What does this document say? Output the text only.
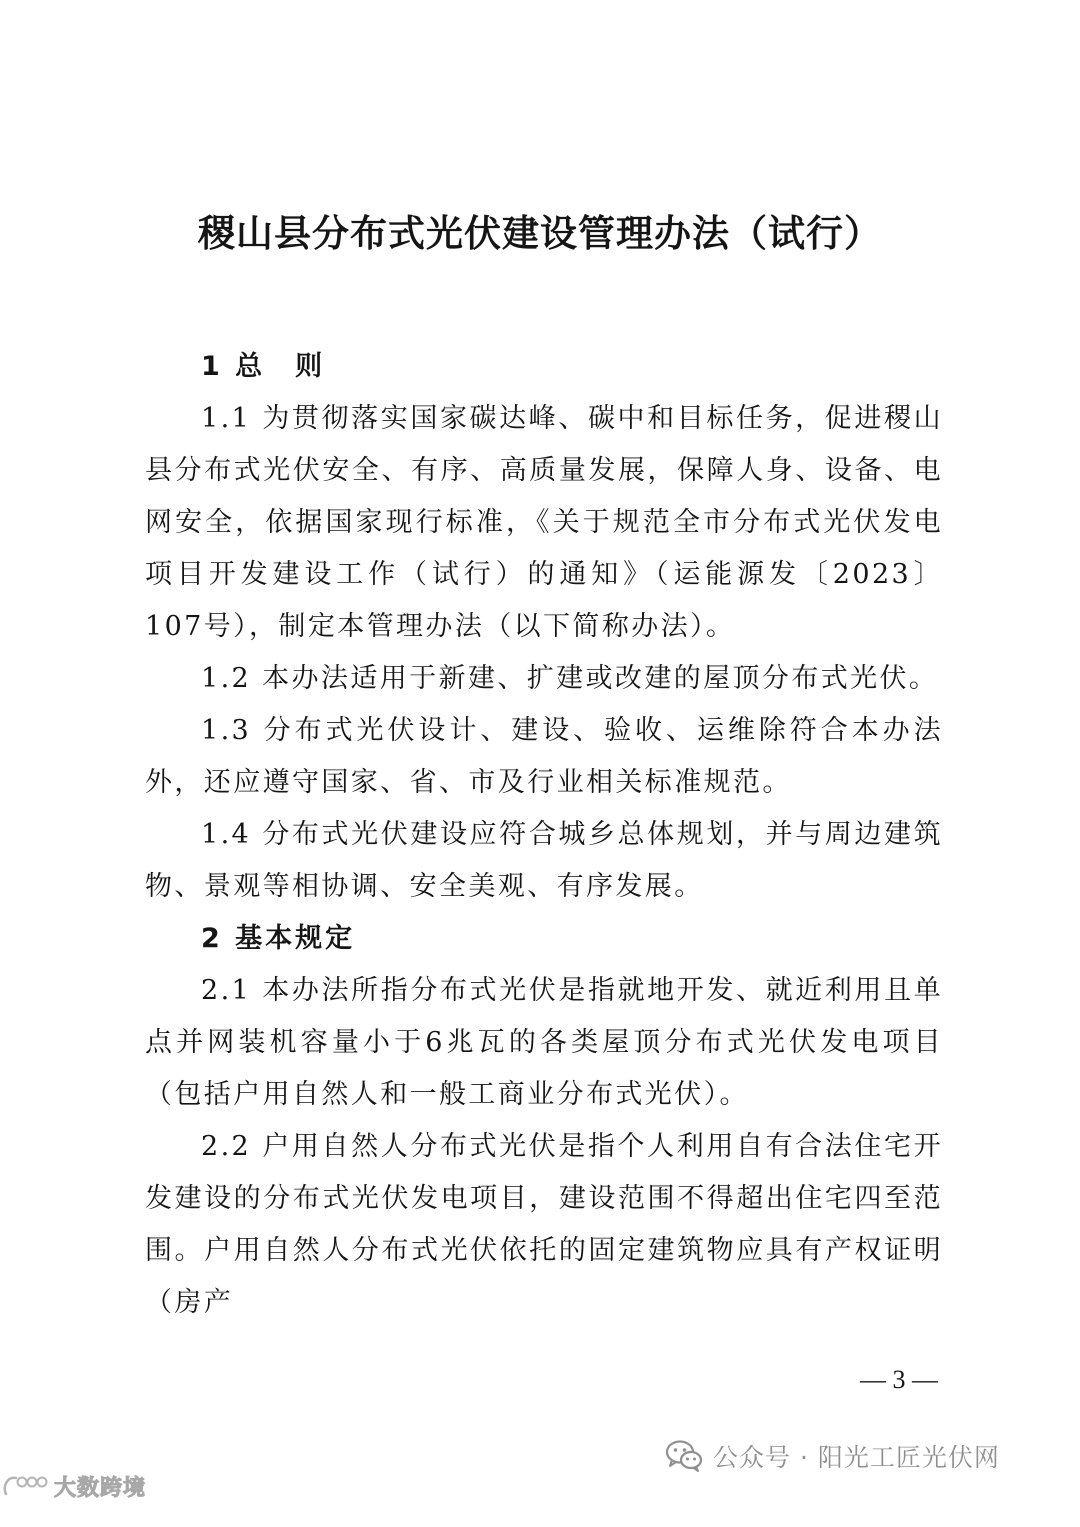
稷山县分布式光伏建设管理办法（试行）

1 总　则

1.1 为贯彻落实国家碳达峰、碳中和目标任务，促进稷山县分布式光伏安全、有序、高质量发展，保障人身、设备、电网安全，依据国家现行标准，《关于规范全市分布式光伏发电项目开发建设工作（试行）的通知》（运能源发〔2023〕107号），制定本管理办法（以下简称办法）。

1.2 本办法适用于新建、扩建或改建的屋顶分布式光伏。

1.3 分布式光伏设计、建设、验收、运维除符合本办法外，还应遵守国家、省、市及行业相关标准规范。

1.4 分布式光伏建设应符合城乡总体规划，并与周边建筑物、景观等相协调、安全美观、有序发展。

2 基本规定

2.1 本办法所指分布式光伏是指就地开发、就近利用且单点并网装机容量小于6兆瓦的各类屋顶分布式光伏发电项目（包括户用自然人和一般工商业分布式光伏）。

2.2 户用自然人分布式光伏是指个人利用自有合法住宅开发建设的分布式光伏发电项目，建设范围不得超出住宅四至范围。户用自然人分布式光伏依托的固定建筑物应具有产权证明（房产

— 3 —
大数跨境
公众号 · 阳光工匠光伏网
